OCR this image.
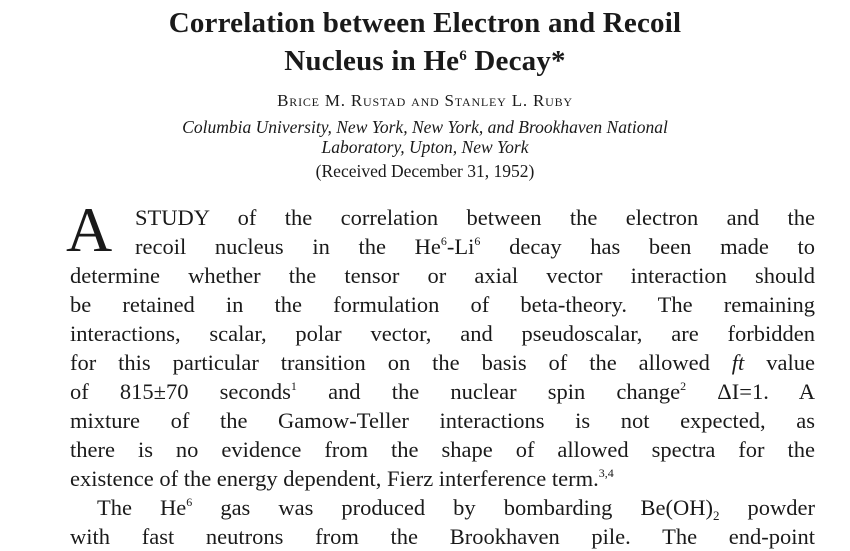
Correlation between Electron and Recoil
Nucleus in He$^6$ Decay*
Brice M. Rustad and Stanley L. Ruby
Columbia University, New York, New York, and Brookhaven National
Laboratory, Upton, New York
(Received December 31, 1952)
A STUDY of the correlation between the electron and the
recoil nucleus in the He$^6$-Li$^6$ decay has been made to
determine whether the tensor or axial vector interaction should
be retained in the formulation of beta-theory. The remaining
interactions, scalar, polar vector, and pseudoscalar, are forbidden
for this particular transition on the basis of the allowed ft value
of 815±70 seconds$^1$ and the nuclear spin change$^2$ ΔI=1. A
mixture of the Gamow-Teller interactions is not expected, as
there is no evidence from the shape of allowed spectra for the
existence of the energy dependent, Fierz interference term.$^{3,4}$
The He$^6$ gas was produced by bombarding $Be(OH)_2$ powder
with fast neutrons from the Brookhaven pile. The end-point
